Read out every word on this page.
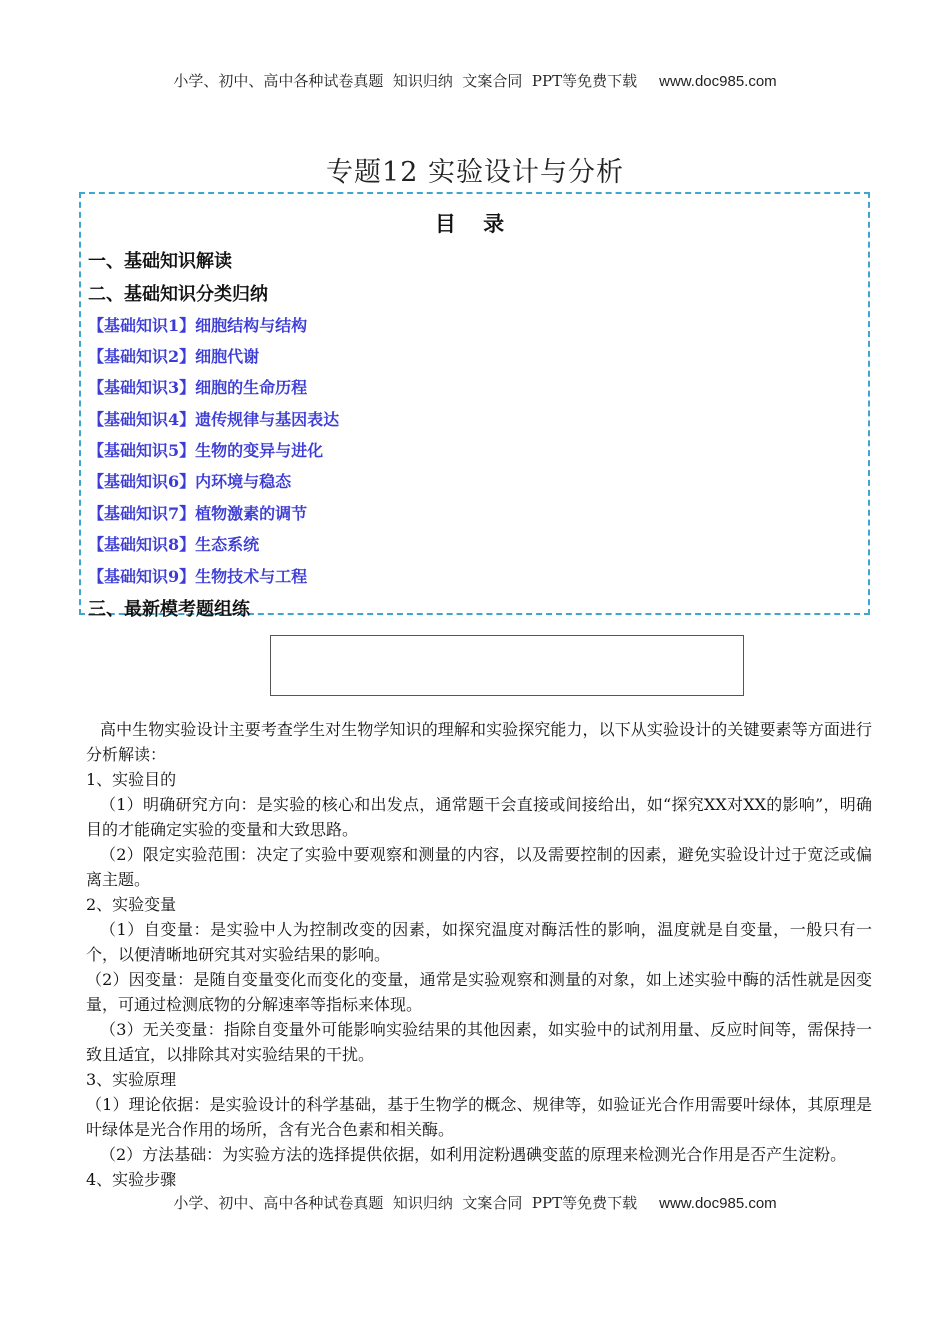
小学、初中、高中各种试卷真题  知识归纳  文案合同  PPT等免费下载 www.doc985.com
专题12 实验设计与分析
目 录
一、基础知识解读
二、基础知识分类归纳
【基础知识1】细胞结构与结构
【基础知识2】细胞代谢
【基础知识3】细胞的生命历程
【基础知识4】遗传规律与基因表达
【基础知识5】生物的变异与进化
【基础知识6】内环境与稳态
【基础知识7】植物激素的调节
【基础知识8】生态系统
【基础知识9】生物技术与工程
三、最新模考题组练

高中生物实验设计主要考查学生对生物学知识的理解和实验探究能力，以下从实验设计的关键要素等方面进行分析解读：

1、实验目的

（1）明确研究方向：是实验的核心和出发点，通常题干会直接或间接给出，如“探究XX对XX的影响”，明确目的才能确定实验的变量和大致思路。

（2）限定实验范围：决定了实验中要观察和测量的内容，以及需要控制的因素，避免实验设计过于宽泛或偏离主题。

2、实验变量

（1）自变量：是实验中人为控制改变的因素，如探究温度对酶活性的影响，温度就是自变量，一般只有一个，以便清晰地研究其对实验结果的影响。

（2）因变量：是随自变量变化而变化的变量，通常是实验观察和测量的对象，如上述实验中酶的活性就是因变量，可通过检测底物的分解速率等指标来体现。

（3）无关变量：指除自变量外可能影响实验结果的其他因素，如实验中的试剂用量、反应时间等，需保持一致且适宜，以排除其对实验结果的干扰。

3、实验原理

（1）理论依据：是实验设计的科学基础，基于生物学的概念、规律等，如验证光合作用需要叶绿体，其原理是叶绿体是光合作用的场所，含有光合色素和相关酶。

（2）方法基础：为实验方法的选择提供依据，如利用淀粉遇碘变蓝的原理来检测光合作用是否产生淀粉。

4、实验步骤

小学、初中、高中各种试卷真题  知识归纳  文案合同  PPT等免费下载 www.doc985.com
